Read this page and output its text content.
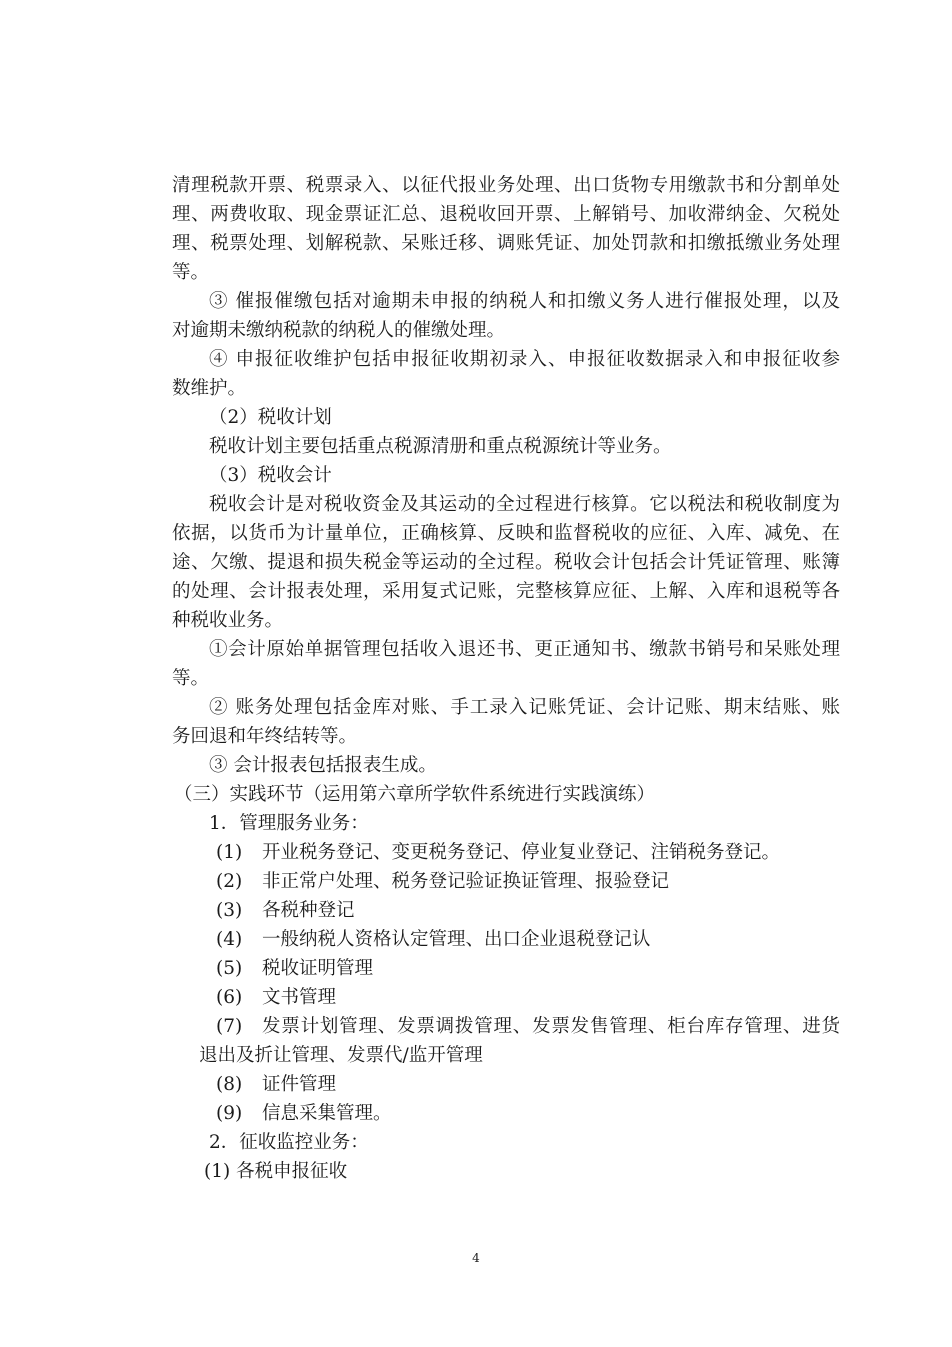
清理税款开票、税票录入、以征代报业务处理、出口货物专用缴款书和分割单处
理、两费收取、现金票证汇总、退税收回开票、上解销号、加收滞纳金、欠税处
理、税票处理、划解税款、呆账迁移、调账凭证、加处罚款和扣缴抵缴业务处理
等。
③ 催报催缴包括对逾期未申报的纳税人和扣缴义务人进行催报处理，以及
对逾期未缴纳税款的纳税人的催缴处理。
④ 申报征收维护包括申报征收期初录入、申报征收数据录入和申报征收参
数维护。
（2）税收计划
税收计划主要包括重点税源清册和重点税源统计等业务。
（3）税收会计
税收会计是对税收资金及其运动的全过程进行核算。它以税法和税收制度为
依据，以货币为计量单位，正确核算、反映和监督税收的应征、入库、减免、在
途、欠缴、提退和损失税金等运动的全过程。税收会计包括会计凭证管理、账簿
的处理、会计报表处理，采用复式记账，完整核算应征、上解、入库和退税等各
种税收业务。
①会计原始单据管理包括收入退还书、更正通知书、缴款书销号和呆账处理
等。
② 账务处理包括金库对账、手工录入记账凭证、会计记账、期末结账、账
务回退和年终结转等。
③ 会计报表包括报表生成。
（三）实践环节（运用第六章所学软件系统进行实践演练）
1．管理服务业务：
(1) 开业税务登记、变更税务登记、停业复业登记、注销税务登记。
(2) 非正常户处理、税务登记验证换证管理、报验登记
(3) 各税种登记
(4) 一般纳税人资格认定管理、出口企业退税登记认
(5) 税收证明管理
(6) 文书管理
(7) 发票计划管理、发票调拨管理、发票发售管理、柜台库存管理、进货
退出及折让管理、发票代/监开管理
(8) 证件管理
(9) 信息采集管理。
2．征收监控业务：
(1) 各税申报征收
4
